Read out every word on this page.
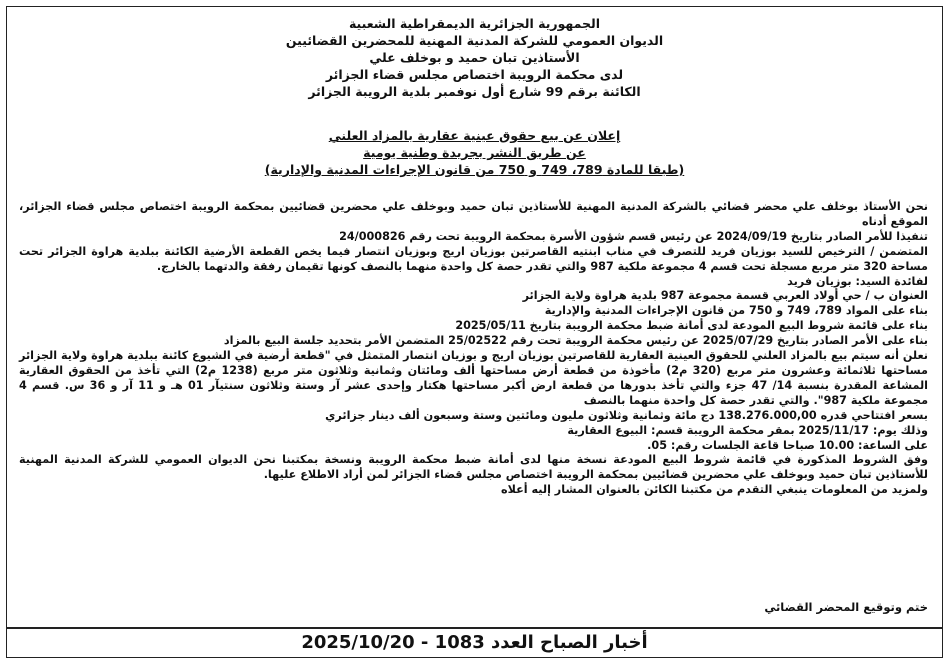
الجمهورية الجزائرية الديمقراطية الشعبية
الديوان العمومي للشركة المدنية المهنية للمحضرين القضائيين
الأستاذين تبان حميد و بوخلف علي
لدى محكمة الرويبة اختصاص مجلس قضاء الجزائر
الكائنة برقم 99 شارع أول نوفمبر بلدية الرويبة الجزائر
إعلان عن بيع حقوق عينية عقارية بالمزاد العلني
عن طريق النشر بجريدة وطنية يومية
(طبقا للمادة 789، 749 و 750 من قانون الإجراءات المدنية والإدارية)

نحن الأستاذ بوخلف علي محضر قضائي بالشركة المدنية المهنية للأستاذين تبان حميد وبوخلف علي محضرين قضائيين بمحكمة الرويبة اختصاص مجلس قضاء الجزائر، الموقع أدناه

تنفيذا للأمر الصادر بتاريخ 2024/09/19 عن رئيس قسم شؤون الأسرة بمحكمة الرويبة تحت رقم 24/000826

المتضمن / الترخيص للسيد بوزيان فريد للتصرف في مناب ابنتيه القاصرتين بوزيان اريج وبوزيان انتصار فيما يخص القطعة الأرضية الكائنة ببلدية هراوة الجزائر تحت مساحة 320 متر مربع مسجلة تحت قسم 4 مجموعة ملكية 987 والتي تقدر حصة كل واحدة منهما بالنصف كونها تقيمان رفقة والدتهما بالخارج.

لفائدة السيد: بوزيان فريد

العنوان ب / حي أولاد العربي قسمة مجموعة 987 بلدية هراوة ولاية الجزائر

بناء على المواد 789، 749 و 750 من قانون الإجراءات المدنية والإدارية

بناء على قائمة شروط البيع المودعة لدى أمانة ضبط محكمة الرويبة بتاريخ 2025/05/11

بناء على الأمر الصادر بتاريخ 2025/07/29 عن رئيس محكمة الرويبة تحت رقم 25/02522 المتضمن الأمر بتحديد جلسة البيع بالمزاد

نعلن أنه سيتم بيع بالمزاد العلني للحقوق العينية العقارية للقاصرتين بوزيان اريج و بوزيان انتصار المتمثل في "قطعة أرضية في الشيوع كائنة ببلدية هراوة ولاية الجزائر مساحتها ثلاثمائة وعشرون متر مربع (320 م2) مأخوذة من قطعة أرض مساحتها ألف ومائتان وثمانية وثلاثون متر مربع (1238 م2) التي تأخذ من الحقوق العقارية المشاعة المقدرة بنسبة 14/ 47 جزء والتي تأخذ بدورها من قطعة ارض أكبر مساحتها هكتار وإحدى عشر آر وستة وثلاثون سنتيآر 01 هـ و 11 آر و 36 س. قسم 4 مجموعة ملكية 987". والتي تقدر حصة كل واحدة منهما بالنصف

بسعر افتتاحي قدره 138.276.000,00 دج مائة وثمانية وثلاثون مليون ومائتين وستة وسبعون ألف دينار جزائري

وذلك يوم: 2025/11/17 بمقر محكمة الرويبة قسم: البيوع العقارية

على الساعة: 10.00 صباحا قاعة الجلسات رقم: 05.

وفق الشروط المذكورة في قائمة شروط البيع المودعة نسخة منها لدى أمانة ضبط محكمة الرويبة ونسخة بمكتبنا نحن الديوان العمومي للشركة المدنية المهنية للأستاذين تبان حميد وبوخلف علي محضرين قضائيين بمحكمة الرويبة اختصاص مجلس قضاء الجزائر لمن أراد الاطلاع عليها.

ولمزيد من المعلومات ينبغي التقدم من مكتبنا الكائن بالعنوان المشار إليه أعلاه

ختم وتوقيع المحضر القضائي
أخبار الصباح العدد 1083 - 2025/10/20
